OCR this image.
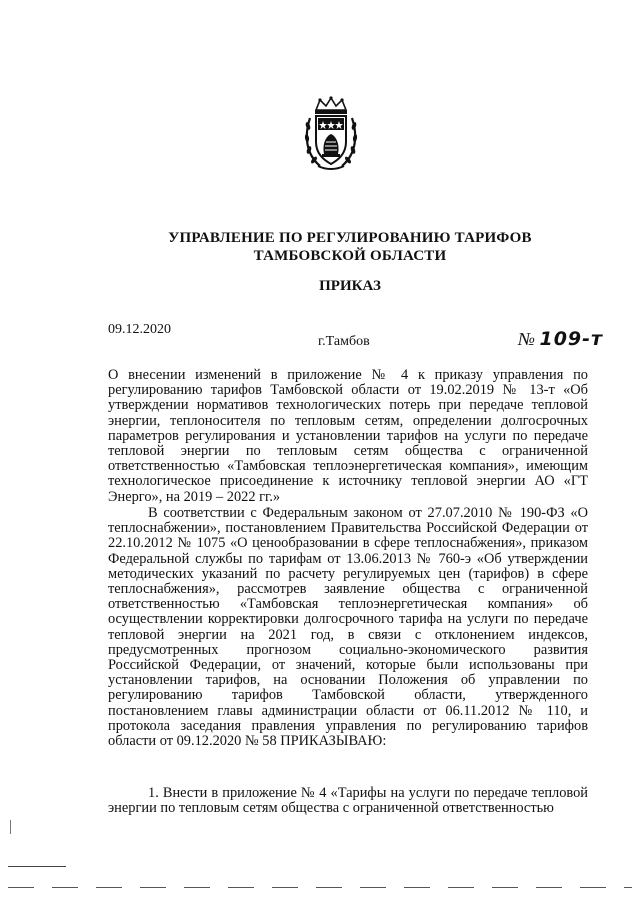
УПРАВЛЕНИЕ ПО РЕГУЛИРОВАНИЮ ТАРИФОВ

ТАМБОВСКОЙ ОБЛАСТИ

ПРИКАЗ
09.12.2020
г.Тамбов	№ 109-т

О внесении изменений в приложение № 4 к приказу управления по регулированию тарифов Тамбовской области от 19.02.2019 № 13-т «Об утверждении нормативов технологических потерь при передаче тепловой энергии, теплоносителя по тепловым сетям, определении долгосрочных параметров регулирования и установлении тарифов на услуги по передаче тепловой энергии по тепловым сетям общества с ограниченной ответственностью «Тамбовская теплоэнергетическая компания», имеющим технологическое присоединение к источнику тепловой энергии АО «ГТ Энерго», на 2019 – 2022 гг.»

В соответствии с Федеральным законом от 27.07.2010 № 190-ФЗ «О теплоснабжении», постановлением Правительства Российской Федерации от 22.10.2012 № 1075 «О ценообразовании в сфере теплоснабжения», приказом Федеральной службы по тарифам от 13.06.2013 № 760-э «Об утверждении методических указаний по расчету регулируемых цен (тарифов) в сфере теплоснабжения», рассмотрев заявление общества с ограниченной ответственностью «Тамбовская теплоэнергетическая компания» об осуществлении корректировки долгосрочного тарифа на услуги по передаче тепловой энергии на 2021 год, в связи с отклонением индексов, предусмотренных прогнозом социально-экономического развития Российской Федерации, от значений, которые были использованы при установлении тарифов, на основании Положения об управлении по регулированию тарифов Тамбовской области, утвержденного постановлением главы администрации области от 06.11.2012 № 110, и протокола заседания правления управления по регулированию тарифов области от 09.12.2020 № 58 ПРИКАЗЫВАЮ:

1. Внести в приложение № 4 «Тарифы на услуги по передаче тепловой энергии по тепловым сетям общества с ограниченной ответственностью
